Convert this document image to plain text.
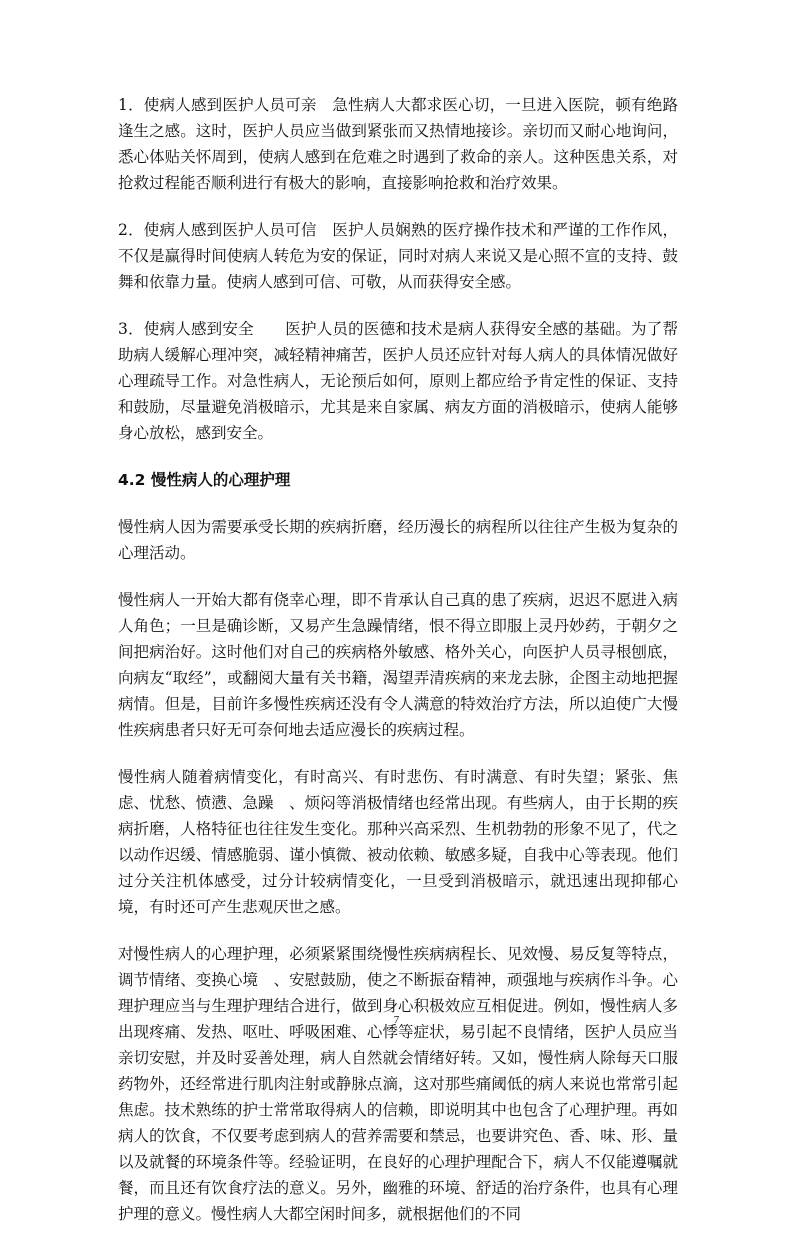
1．使病人感到医护人员可亲　急性病人大都求医心切，一旦进入医院，顿有绝路逢生之感。这时，医护人员应当做到紧张而又热情地接诊。亲切而又耐心地询问，悉心体贴关怀周到，使病人感到在危难之时遇到了救命的亲人。这种医患关系，对抢救过程能否顺利进行有极大的影响，直接影响抢救和治疗效果。

2．使病人感到医护人员可信　医护人员娴熟的医疗操作技术和严谨的工作作风，不仅是赢得时间使病人转危为安的保证，同时对病人来说又是心照不宣的支持、鼓舞和依靠力量。使病人感到可信、可敬，从而获得安全感。

3．使病人感到安全　　医护人员的医德和技术是病人获得安全感的基础。为了帮助病人缓解心理冲突，减轻精神痛苦，医护人员还应针对每人病人的具体情况做好心理疏导工作。对急性病人，无论预后如何，原则上都应给予肯定性的保证、支持和鼓励，尽量避免消极暗示，尤其是来自家属、病友方面的消极暗示，使病人能够身心放松，感到安全。

4.2 慢性病人的心理护理

慢性病人因为需要承受长期的疾病折磨，经历漫长的病程所以往往产生极为复杂的心理活动。

慢性病人一开始大都有侥幸心理，即不肯承认自己真的患了疾病，迟迟不愿进入病人角色；一旦是确诊断，又易产生急躁情绪，恨不得立即服上灵丹妙药，于朝夕之间把病治好。这时他们对自己的疾病格外敏感、格外关心，向医护人员寻根刨底，向病友“取经”，或翻阅大量有关书籍，渴望弄清疾病的来龙去脉，企图主动地把握病情。但是，目前许多慢性疾病还没有令人满意的特效治疗方法，所以迫使广大慢性疾病患者只好无可奈何地去适应漫长的疾病过程。

慢性病人随着病情变化，有时高兴、有时悲伤、有时满意、有时失望；紧张、焦虑、忧愁、愤懑、急躁　、烦闷等消极情绪也经常出现。有些病人，由于长期的疾病折磨，人格特征也往往发生变化。那种兴高采烈、生机勃勃的形象不见了，代之以动作迟缓、情感脆弱、谨小慎微、被动依赖、敏感多疑，自我中心等表现。他们过分关注机体感受，过分计较病情变化，一旦受到消极暗示，就迅速出现抑郁心境，有时还可产生悲观厌世之感。

对慢性病人的心理护理，必须紧紧围绕慢性疾病病程长、见效慢、易反复等特点，调节情绪、变换心境　、安慰鼓励，使之不断振奋精神，顽强地与疾病作斗争。心理护理应当与生理护理结合进行，做到身心积极效应互相促进。例如，慢性病人多出现疼痛、发热、呕吐、呼吸困难、心悸等症状，易引起不良情绪，医护人员应当亲切安慰，并及时妥善处理，病人自然就会情绪好转。又如，慢性病人除每天口服药物外，还经常进行肌肉注射或静脉点滴，这对那些痛阈低的病人来说也常常引起焦虑。技术熟练的护士常常取得病人的信赖，即说明其中也包含了心理护理。再如病人的饮食，不仅要考虑到病人的营养需要和禁忌，也要讲究色、香、味、形、量以及就餐的环境条件等。经验证明，在良好的心理护理配合下，病人不仅能遵嘱就餐，而且还有饮食疗法的意义。另外，幽雅的环境、舒适的治疗条件，也具有心理护理的意义。慢性病人大都空闲时间多，就根据他们的不同

7
